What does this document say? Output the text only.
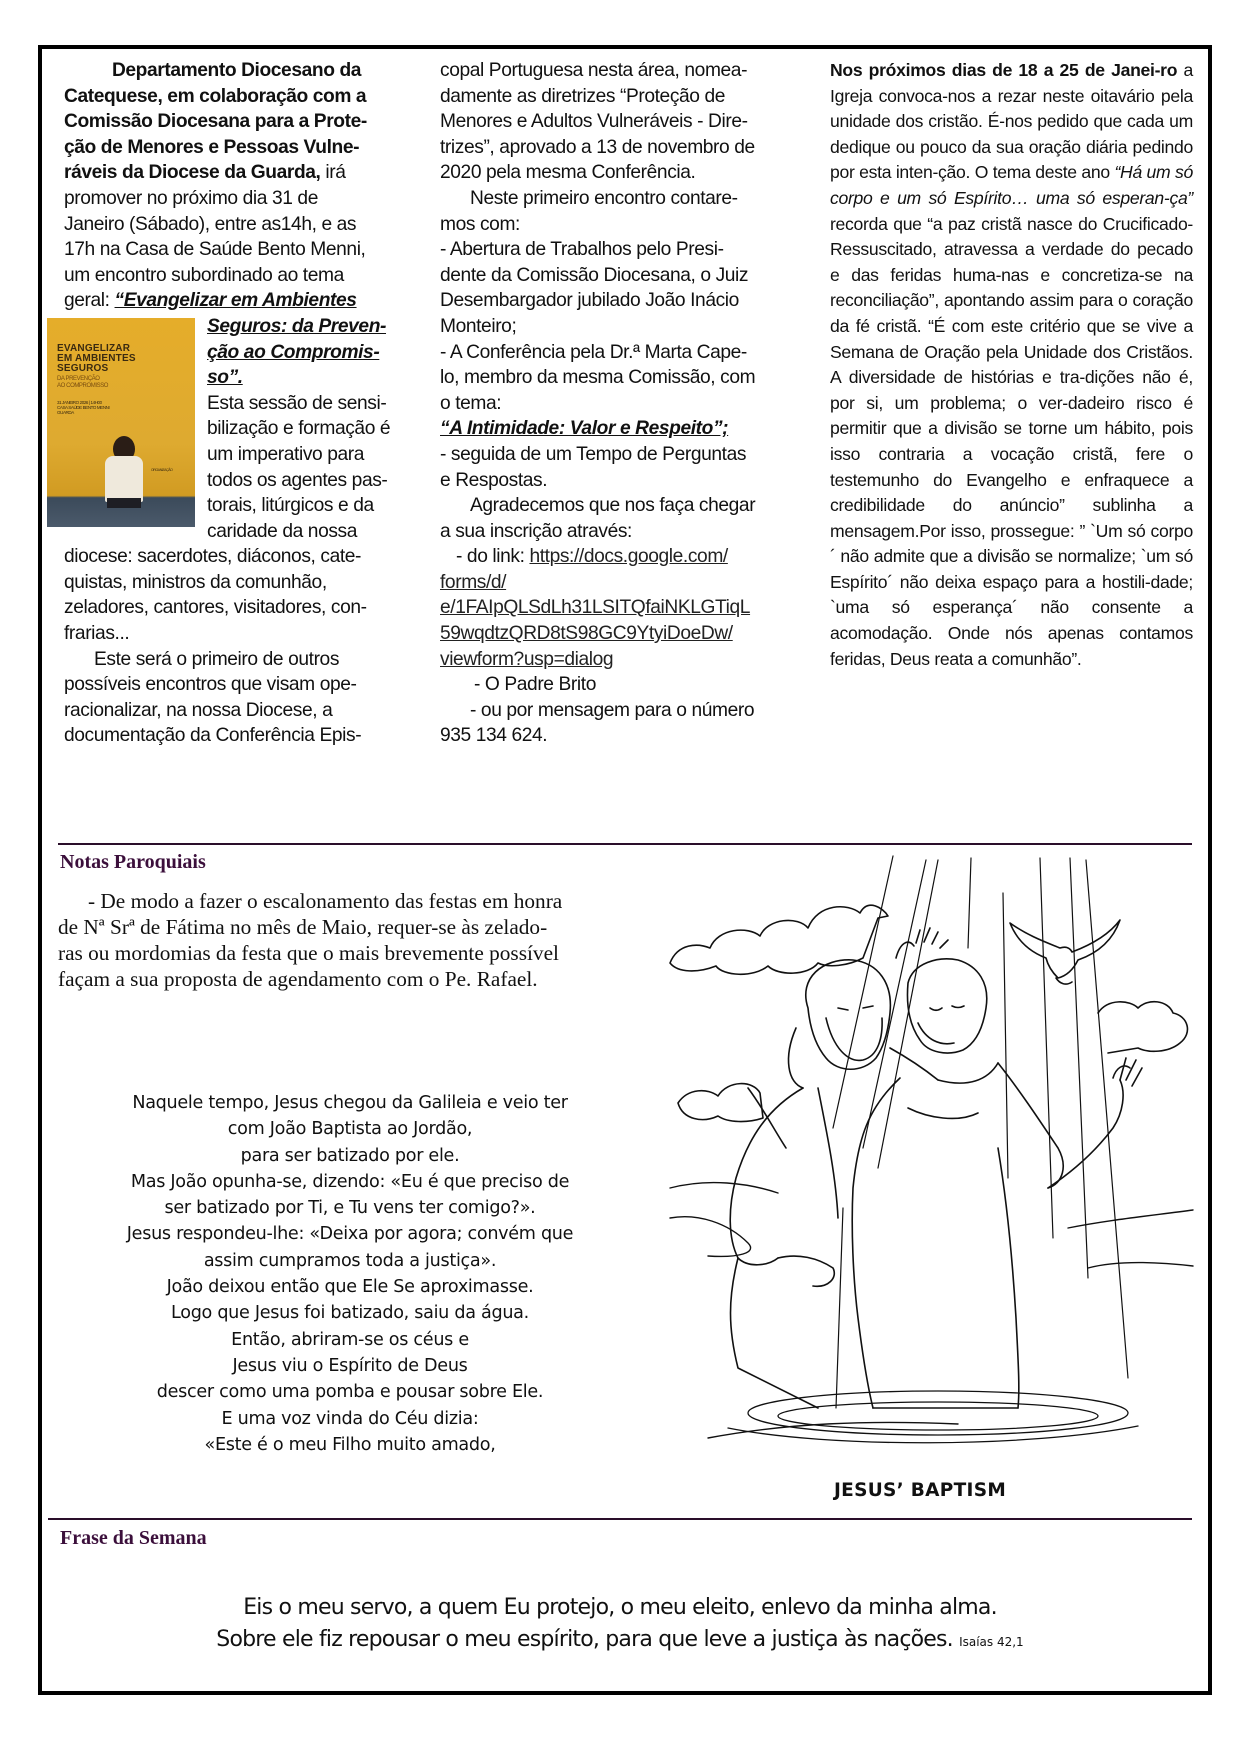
Departamento Diocesano da
Catequese, em colaboração com a
Comissão Diocesana para a Prote-
ção de Menores e Pessoas Vulne-
ráveis da Diocese da Guarda, irá
promover no próximo dia 31 de
Janeiro (Sábado), entre as14h, e as
17h na Casa de Saúde Bento Menni,
um encontro subordinado ao tema
geral: “Evangelizar em Ambientes
EVANGELIZAR
EM AMBIENTES
SEGUROS
DA PREVENÇÃO
AO COMPROMISSO
31 JANEIRO 2026 | 14H00
CASA SAÚDE BENTO MENNI
GUARDA
ORGANIZAÇÃO
Seguros: da Preven-
ção ao Compromis-
so”.
Esta sessão de sensi-
bilização e formação é
um imperativo para
todos os agentes pas-
torais, litúrgicos e da
caridade da nossa
diocese: sacerdotes, diáconos, cate-
quistas, ministros da comunhão,
zeladores, cantores, visitadores, con-
frarias...
Este será o primeiro de outros
possíveis encontros que visam ope-
racionalizar, na nossa Diocese, a
documentação da Conferência Epis-
copal Portuguesa nesta área, nomea-
damente as diretrizes “Proteção de
Menores e Adultos Vulneráveis - Dire-
trizes”, aprovado a 13 de novembro de
2020 pela mesma Conferência.
Neste primeiro encontro contare-
mos com:
- Abertura de Trabalhos pelo Presi-
dente da Comissão Diocesana, o Juiz
Desembargador jubilado João Inácio
Monteiro;
- A Conferência pela Dr.ª Marta Cape-
lo, membro da mesma Comissão, com
o tema:
“A Intimidade: Valor e Respeito”;
- seguida de um Tempo de Perguntas
e Respostas.
Agradecemos que nos faça chegar
a sua inscrição através:
- do link: https://docs.google.com/
forms/d/
e/1FAIpQLSdLh31LSITQfaiNKLGTiqL
59wqdtzQRD8tS98GC9YtyiDoeDw/
viewform?usp=dialog
- O Padre Brito
- ou por mensagem para o número
935 134 624.
Nos próximos dias de 18 a 25 de Janei-ro a Igreja convoca-nos a rezar neste oitavário pela unidade dos cristão. É-nos pedido que cada um dedique ou pouco da sua oração diária pedindo por esta inten-ção. O tema deste ano “Há um só corpo e um só Espírito… uma só esperan-ça” recorda que “a paz cristã nasce do Crucificado-Ressuscitado, atravessa a verdade do pecado e das feridas huma-nas e concretiza-se na reconciliação”, apontando assim para o coração da fé cristã. “É com este critério que se vive a Semana de Oração pela Unidade dos Cristãos. A diversidade de histórias e tra-dições não é, por si, um problema; o ver-dadeiro risco é permitir que a divisão se torne um hábito, pois isso contraria a vocação cristã, fere o testemunho do Evangelho e enfraquece a credibilidade do anúncio” sublinha a mensagem.Por isso, prossegue: ” `Um só corpo´ não admite que a divisão se normalize; `um só Espírito´ não deixa espaço para a hostili-dade; `uma só esperança´ não consente a acomodação. Onde nós apenas contamos feridas, Deus reata a comunhão”.
Notas Paroquiais
- De modo a fazer o escalonamento das festas em honra
de Nª Srª de Fátima no mês de Maio, requer-se às zelado-
ras ou mordomias da festa que o mais brevemente possível
façam a sua proposta de agendamento com o Pe. Rafael.
Naquele tempo, Jesus chegou da Galileia e veio ter
com João Baptista ao Jordão,
para ser batizado por ele.
Mas João opunha-se, dizendo: «Eu é que preciso de
ser batizado por Ti, e Tu vens ter comigo?».
Jesus respondeu-lhe: «Deixa por agora; convém que
assim cumpramos toda a justiça».
João deixou então que Ele Se aproximasse.
Logo que Jesus foi batizado, saiu da água.
Então, abriram-se os céus e
Jesus viu o Espírito de Deus
descer como uma pomba e pousar sobre Ele.
E uma voz vinda do Céu dizia:
«Este é o meu Filho muito amado,
JESUS’ BAPTISM
Frase da Semana
Eis o meu servo, a quem Eu protejo, o meu eleito, enlevo da minha alma.
Sobre ele fiz repousar o meu espírito, para que leve a justiça às nações. Isaías 42,1
